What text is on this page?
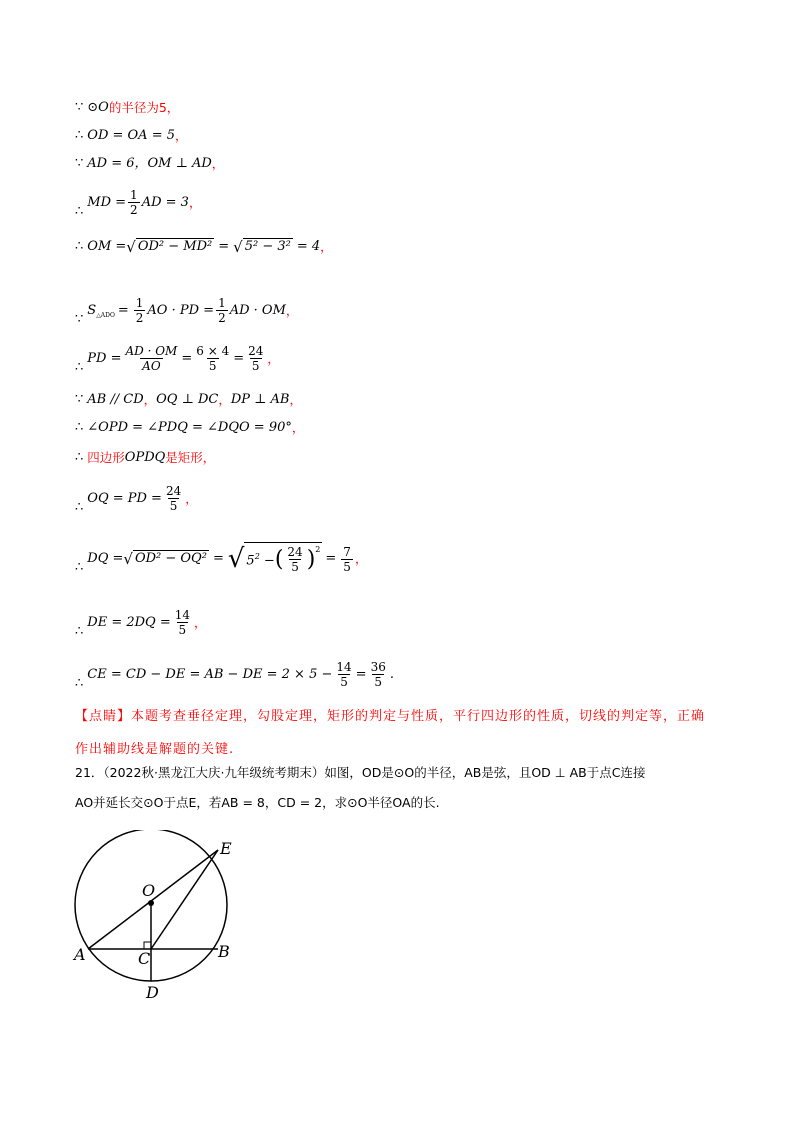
∵ ⊙O 的半径为5，
∴ OD = OA = 5 ，
∵ AD = 6，OM ⊥ AD ，
∴
MD = $\frac{1}{2}$ AD = 3 ，
∴ OM = √ OD² − MD² = √ 5² − 3² = 4 ，
∵
S △ADO = $\frac{1}{2}$ AO · PD = $\frac{1}{2}$ AD · OM ，
∴
PD = $\frac{AD \cdot OM}{AO} = \frac{6 \times 4}{5} = \frac{24}{5}$ ，
∵ AB // CD ， OQ ⊥ DC ， DP ⊥ AB ，
∴ ∠OPD = ∠PDQ = ∠DQO = 90° ，
∴ 四边形 OPDQ 是矩形，
∴
OQ = PD = $\frac{24}{5}$ ，
∴
DQ = √ OD² − OQ² = √ $5^2$ − ( $\frac{24}{5} )^2$
= $\frac{7}{5}$ ，
∴
DE = $2DQ = \frac{14}{5}$ ，
∴
CE = CD − DE = AB − DE = $2 \times 5 - \frac{14}{5} = \frac{36}{5}$ .
【点睛】本题考查垂径定理，勾股定理，矩形的判定与性质，平行四边形的性质，切线的判定等，正确作出辅助线是解题的关键.
21．（2022秋·黑龙江大庆·九年级统考期末）如图，OD是⊙O的半径，AB是弦，且OD ⊥ AB于点C连接
AO并延长交⊙O于点E，若AB = 8，CD = 2，求⊙O半径OA的长.
O
A	B
C
D
E
